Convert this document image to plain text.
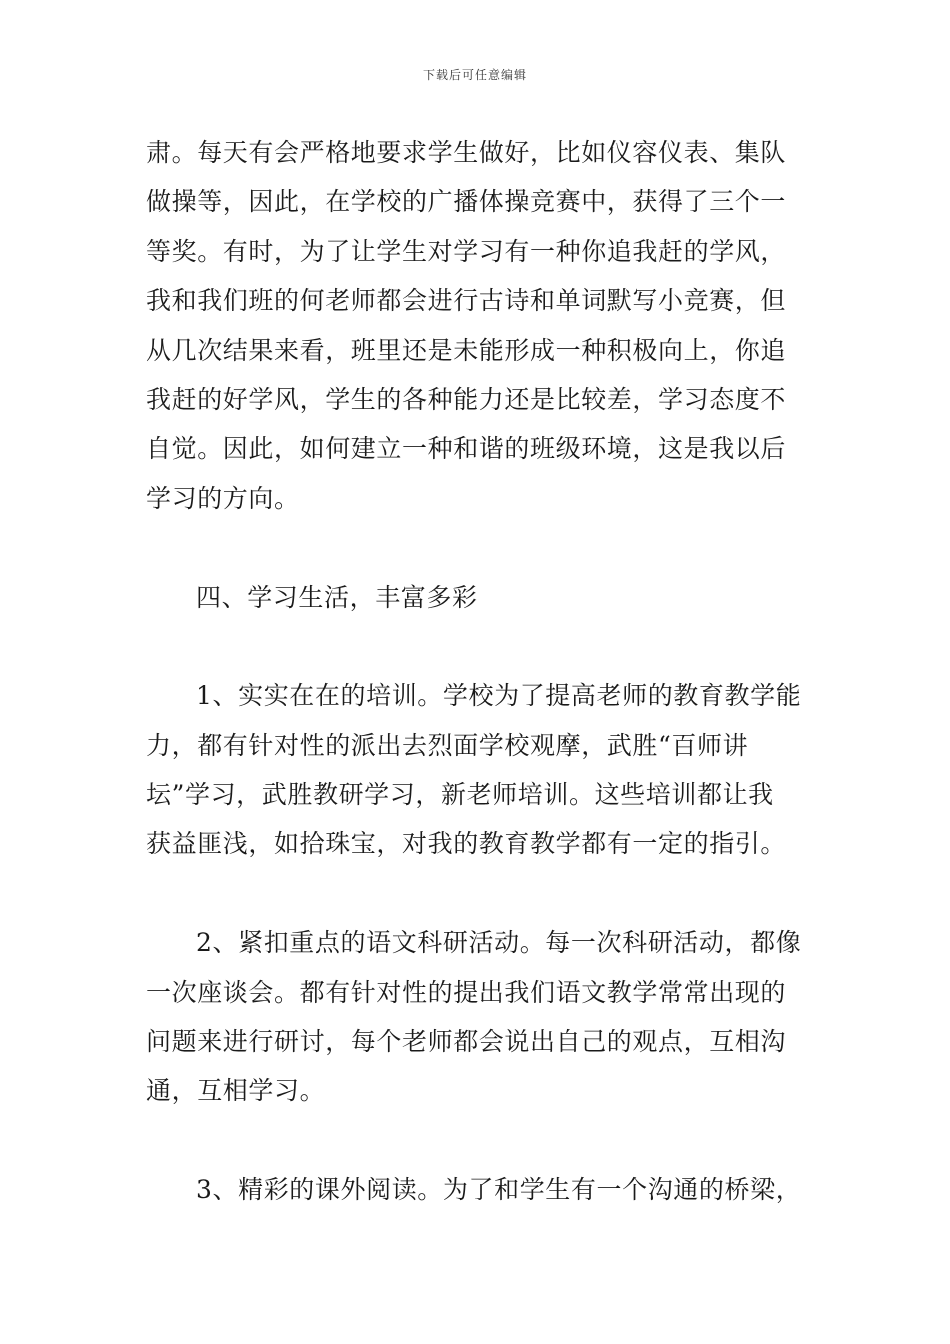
下载后可任意编辑
肃。每天有会严格地要求学生做好，比如仪容仪表、集队
做操等，因此，在学校的广播体操竞赛中，获得了三个一
等奖。有时，为了让学生对学习有一种你追我赶的学风，
我和我们班的何老师都会进行古诗和单词默写小竞赛，但
从几次结果来看，班里还是未能形成一种积极向上，你追
我赶的好学风，学生的各种能力还是比较差，学习态度不
自觉。因此，如何建立一种和谐的班级环境，这是我以后
学习的方向。
四、学习生活，丰富多彩
1、实实在在的培训。学校为了提高老师的教育教学能
力，都有针对性的派出去烈面学校观摩，武胜“百师讲
坛”学习，武胜教研学习，新老师培训。这些培训都让我
获益匪浅，如拾珠宝，对我的教育教学都有一定的指引。
2、紧扣重点的语文科研活动。每一次科研活动，都像
一次座谈会。都有针对性的提出我们语文教学常常出现的
问题来进行研讨，每个老师都会说出自己的观点，互相沟
通，互相学习。
3、精彩的课外阅读。为了和学生有一个沟通的桥梁，
